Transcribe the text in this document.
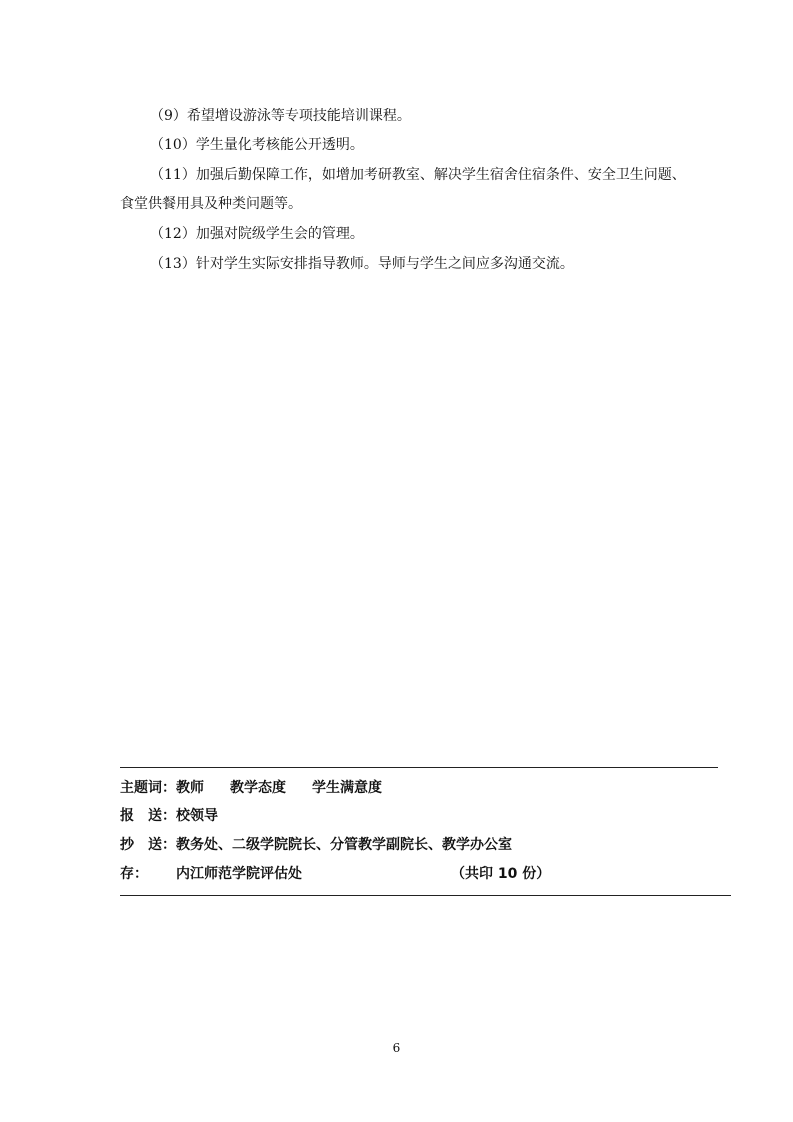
（9）希望增设游泳等专项技能培训课程。
（10）学生量化考核能公开透明。
（11）加强后勤保障工作，如增加考研教室、解决学生宿舍住宿条件、安全卫生问题、
食堂供餐用具及种类问题等。
（12）加强对院级学生会的管理。
（13）针对学生实际安排指导教师。导师与学生之间应多沟通交流。
主题词：教师 教学态度 学生满意度
报　送：校领导
抄　送：教务处、二级学院院长、分管教学副院长、教学办公室
存： 内江师范学院评估处	（共印 10 份）
6
